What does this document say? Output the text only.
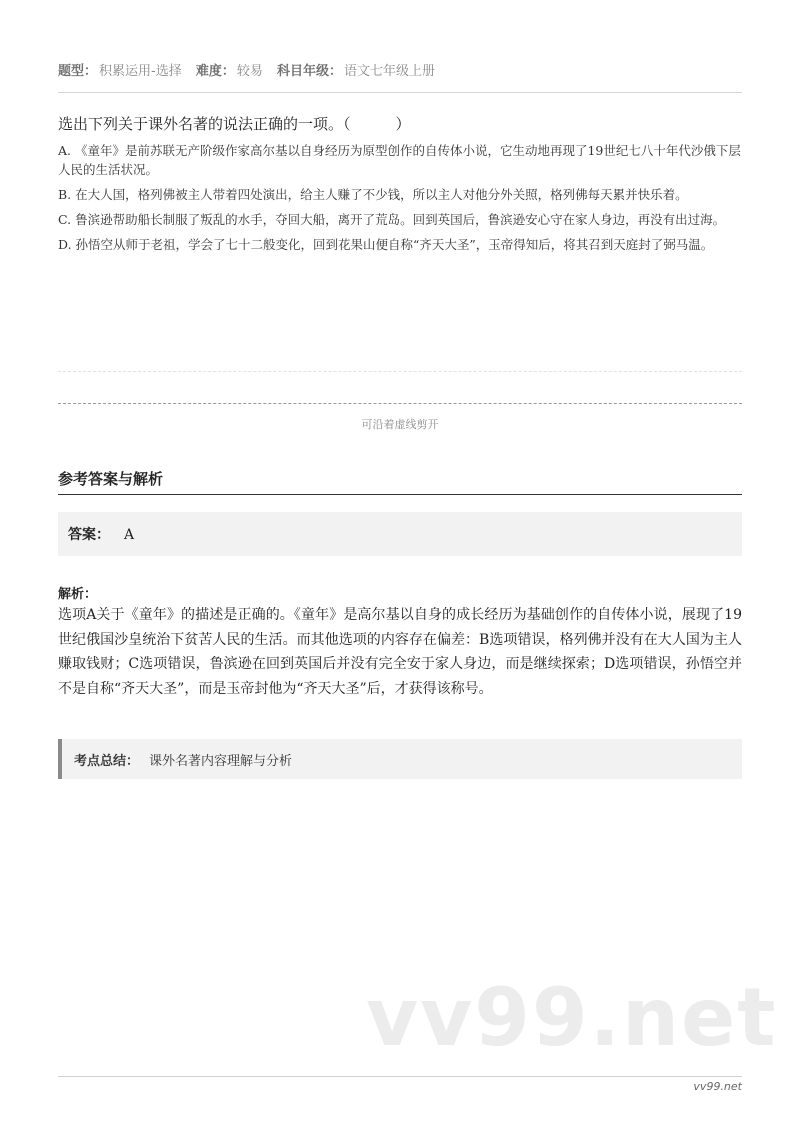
题型： 积累运用-选择 难度： 较易 科目年级： 语文七年级上册
选出下列关于课外名著的说法正确的一项。（　　　）
A. 《童年》是前苏联无产阶级作家高尔基以自身经历为原型创作的自传体小说，它生动地再现了19世纪七八十年代沙俄下层人民的生活状况。
B. 在大人国，格列佛被主人带着四处演出，给主人赚了不少钱，所以主人对他分外关照，格列佛每天累并快乐着。
C. 鲁滨逊帮助船长制服了叛乱的水手，夺回大船，离开了荒岛。回到英国后，鲁滨逊安心守在家人身边，再没有出过海。
D. 孙悟空从师于老祖，学会了七十二般变化，回到花果山便自称“齐天大圣”，玉帝得知后，将其召到天庭封了弼马温。
可沿着虚线剪开
参考答案与解析
答案： A
解析：
选项A关于《童年》的描述是正确的。《童年》是高尔基以自身的成长经历为基础创作的自传体小说，展现了19世纪俄国沙皇统治下贫苦人民的生活。而其他选项的内容存在偏差：B选项错误，格列佛并没有在大人国为主人赚取钱财；C选项错误，鲁滨逊在回到英国后并没有完全安于家人身边，而是继续探索；D选项错误，孙悟空并不是自称“齐天大圣”，而是玉帝封他为“齐天大圣”后，才获得该称号。
考点总结： 课外名著内容理解与分析
vv99.net
vv99.net
